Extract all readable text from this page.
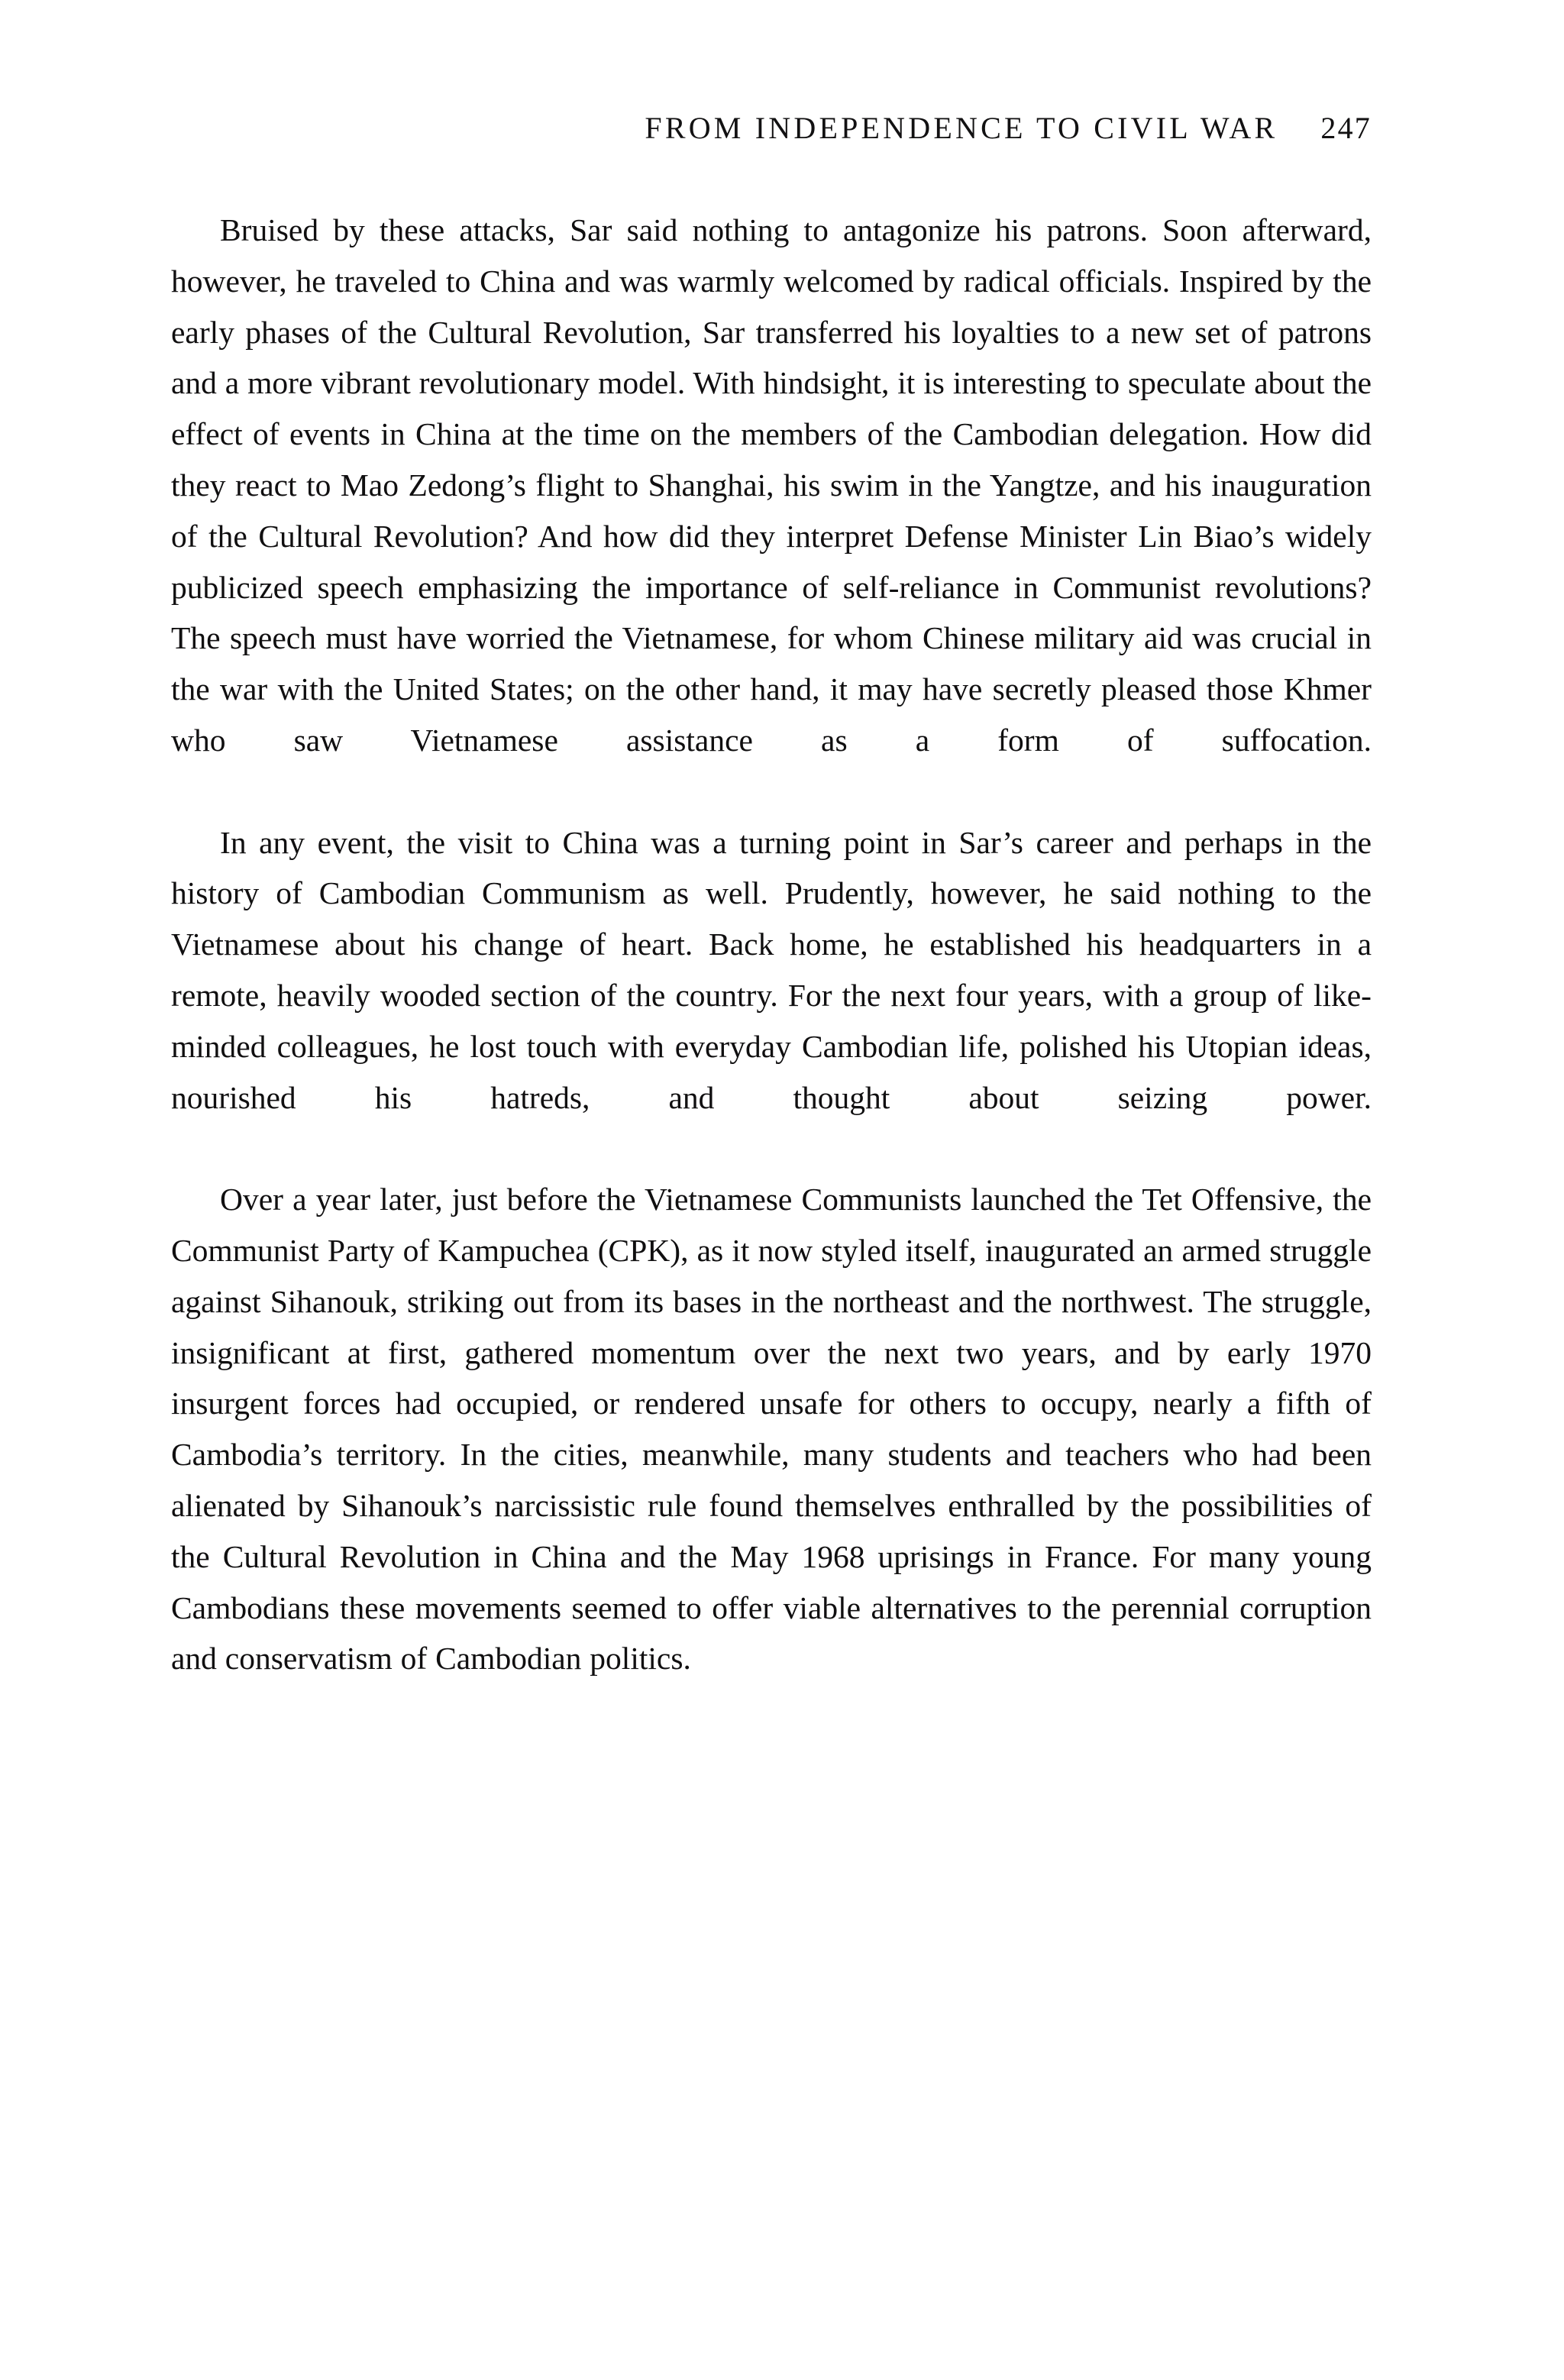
FROM INDEPENDENCE TO CIVIL WAR 247

Bruised by these attacks, Sar said nothing to antagonize his patrons. Soon afterward, however, he traveled to China and was warmly welcomed by radical officials. Inspired by the early phases of the Cultural Revolution, Sar transferred his loyalties to a new set of patrons and a more vibrant revolutionary model. With hindsight, it is interesting to speculate about the effect of events in China at the time on the members of the Cambodian delegation. How did they react to Mao Zedong’s flight to Shanghai, his swim in the Yangtze, and his inauguration of the Cultural Revolution? And how did they interpret Defense Minister Lin Biao’s widely publicized speech emphasizing the importance of self-reliance in Communist revolutions? The speech must have worried the Vietnamese, for whom Chinese military aid was crucial in the war with the United States; on the other hand, it may have secretly pleased those Khmer who saw Vietnamese assistance as a form of suffocation.

In any event, the visit to China was a turning point in Sar’s career and perhaps in the history of Cambodian Communism as well. Prudently, however, he said nothing to the Vietnamese about his change of heart. Back home, he established his headquarters in a remote, heavily wooded section of the country. For the next four years, with a group of like-minded colleagues, he lost touch with everyday Cambodian life, polished his Utopian ideas, nourished his hatreds, and thought about seizing power.

Over a year later, just before the Vietnamese Communists launched the Tet Offensive, the Communist Party of Kampuchea (CPK), as it now styled itself, inaugurated an armed struggle against Sihanouk, striking out from its bases in the northeast and the northwest. The struggle, insignificant at first, gathered momentum over the next two years, and by early 1970 insurgent forces had occupied, or rendered unsafe for others to occupy, nearly a fifth of Cambodia’s territory. In the cities, meanwhile, many students and teachers who had been alienated by Sihanouk’s narcissistic rule found themselves enthralled by the possibilities of the Cultural Revolution in China and the May 1968 uprisings in France. For many young Cambodians these movements seemed to offer viable alternatives to the perennial corruption and conservatism of Cambodian politics.
